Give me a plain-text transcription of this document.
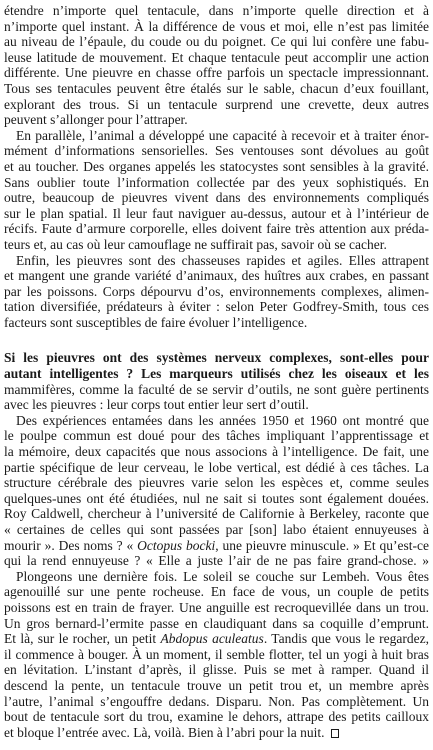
étendre n’importe quel tentacule, dans n’importe quelle direction et à
n’importe quel instant. À la différence de vous et moi, elle n’est pas limitée
au niveau de l’épaule, du coude ou du poignet. Ce qui lui confère une fabu-
leuse latitude de mouvement. Et chaque tentacule peut accomplir une action
différente. Une pieuvre en chasse offre parfois un spectacle impressionnant.
Tous ses tentacules peuvent être étalés sur le sable, chacun d’eux fouillant,
explorant des trous. Si un tentacule surprend une crevette, deux autres
peuvent s’allonger pour l’attraper.
En parallèle, l’animal a développé une capacité à recevoir et à traiter énor-
mément d’informations sensorielles. Ses ventouses sont dévolues au goût
et au toucher. Des organes appelés les statocystes sont sensibles à la gravité.
Sans oublier toute l’information collectée par des yeux sophistiqués. En
outre, beaucoup de pieuvres vivent dans des environnements compliqués
sur le plan spatial. Il leur faut naviguer au-dessus, autour et à l’intérieur de
récifs. Faute d’armure corporelle, elles doivent faire très attention aux préda-
teurs et, au cas où leur camouflage ne suffirait pas, savoir où se cacher.
Enfin, les pieuvres sont des chasseuses rapides et agiles. Elles attrapent
et mangent une grande variété d’animaux, des huîtres aux crabes, en passant
par les poissons. Corps dépourvu d’os, environnements complexes, alimen-
tation diversifiée, prédateurs à éviter : selon Peter Godfrey-Smith, tous ces
facteurs sont susceptibles de faire évoluer l’intelligence.
Si les pieuvres ont des systèmes nerveux complexes, sont-elles pour
autant intelligentes ? Les marqueurs utilisés chez les oiseaux et les
mammifères, comme la faculté de se servir d’outils, ne sont guère pertinents
avec les pieuvres : leur corps tout entier leur sert d’outil.
Des expériences entamées dans les années 1950 et 1960 ont montré que
le poulpe commun est doué pour des tâches impliquant l’apprentissage et
la mémoire, deux capacités que nous associons à l’intelligence. De fait, une
partie spécifique de leur cerveau, le lobe vertical, est dédié à ces tâches. La
structure cérébrale des pieuvres varie selon les espèces et, comme seules
quelques-unes ont été étudiées, nul ne sait si toutes sont également douées.
Roy Caldwell, chercheur à l’université de Californie à Berkeley, raconte que
« certaines de celles qui sont passées par [son] labo étaient ennuyeuses à
mourir ». Des noms ? « Octopus bocki, une pieuvre minuscule. » Et qu’est-ce
qui la rend ennuyeuse ? « Elle a juste l’air de ne pas faire grand-chose. »
Plongeons une dernière fois. Le soleil se couche sur Lembeh. Vous êtes
agenouillé sur une pente rocheuse. En face de vous, un couple de petits
poissons est en train de frayer. Une anguille est recroquevillée dans un trou.
Un gros bernard-l’ermite passe en claudiquant dans sa coquille d’emprunt.
Et là, sur le rocher, un petit Abdopus aculeatus. Tandis que vous le regardez,
il commence à bouger. À un moment, il semble flotter, tel un yogi à huit bras
en lévitation. L’instant d’après, il glisse. Puis se met à ramper. Quand il
descend la pente, un tentacule trouve un petit trou et, un membre après
l’autre, l’animal s’engouffre dedans. Disparu. Non. Pas complètement. Un
bout de tentacule sort du trou, examine le dehors, attrape des petits cailloux
et bloque l’entrée avec. Là, voilà. Bien à l’abri pour la nuit.
